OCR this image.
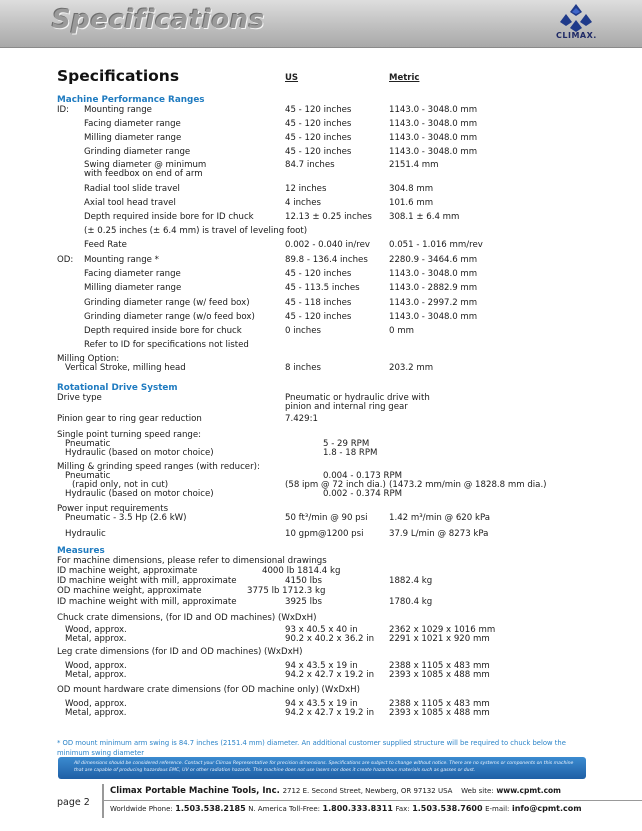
Specifications
CLIMAX.
Specifications	US	Metric
Machine Performance Ranges
ID: Mounting range	45 - 120 inches	1143.0 - 3048.0 mm
Facing diameter range	45 - 120 inches	1143.0 - 3048.0 mm
Milling diameter range	45 - 120 inches	1143.0 - 3048.0 mm
Grinding diameter range	45 - 120 inches	1143.0 - 3048.0 mm
Swing diameter @ minimum	84.7 inches	2151.4 mm
with feedbox on end of arm
Radial tool slide travel	12 inches	304.8 mm
Axial tool head travel	4 inches	101.6 mm
Depth required inside bore for ID chuck	12.13 ± 0.25 inches 308.1 ± 6.4 mm
(± 0.25 inches (± 6.4 mm) is travel of leveling foot)
Feed Rate	0.002 - 0.040 in/rev 0.051 - 1.016 mm/rev
Mounting range *	89.8 - 136.4 inches 2280.9 - 3464.6 mm
Facing diameter range	45 - 120 inches	1143.0 - 3048.0 mm
Milling diameter range	45 - 113.5 inches	1143.0 - 2882.9 mm
Grinding diameter range (w/ feed box)	45 - 118 inches	1143.0 - 2997.2 mm
Grinding diameter range (w/o feed box)	45 - 120 inches	1143.0 - 3048.0 mm
Depth required inside bore for chuck	0 inches	0 mm
Refer to ID for specifications not listed
OD:
Milling Option:
Vertical Stroke, milling head	8 inches	203.2 mm
Rotational Drive System
Drive type	Pneumatic or hydraulic drive with
pinion and internal ring gear
Pinion gear to ring gear reduction	7.429:1
Single point turning speed range:
Pneumatic	5 - 29 RPM
Hydraulic (based on motor choice)	1.8 - 18 RPM
Milling & grinding speed ranges (with reducer):
Pneumatic	0.004 - 0.173 RPM
(rapid only, not in cut)	(58 ipm @ 72 inch dia.) (1473.2 mm/min @ 1828.8 mm dia.)
Hydraulic (based on motor choice)	0.002 - 0.374 RPM
Power input requirements
Pneumatic - 3.5 Hp (2.6 kW)	50 ft³/min @ 90 psi 1.42 m³/min @ 620 kPa
Hydraulic	10 gpm@1200 psi	37.9 L/min @ 8273 kPa
Measures
For machine dimensions, please refer to dimensional drawings
ID machine weight, approximate	4000 lb 1814.4 kg
ID machine weight with mill, approximate	4150 lbs	1882.4 kg
OD machine weight, approximate	3775 lb 1712.3 kg
ID machine weight with mill, approximate	3925 lbs	1780.4 kg
Chuck crate dimensions, (for ID and OD machines) (WxDxH)
Wood, approx.	93 x 40.5 x 40 in	2362 x 1029 x 1016 mm
Metal, approx.	90.2 x 40.2 x 36.2 in 2291 x 1021 x 920 mm
Leg crate dimensions (for ID and OD machines) (WxDxH)
Wood, approx.	94 x 43.5 x 19 in	2388 x 1105 x 483 mm
Metal, approx.	94.2 x 42.7 x 19.2 in 2393 x 1085 x 488 mm
OD mount hardware crate dimensions (for OD machine only) (WxDxH)
Wood, approx.	94 x 43.5 x 19 in	2388 x 1105 x 483 mm
Metal, approx.	94.2 x 42.7 x 19.2 in 2393 x 1085 x 488 mm
* OD mount minimum arm swing is 84.7 inches (2151.4 mm) diameter. An additional customer supplied structure will be required to chuck below the minimum swing diameter
All dimensions should be considered reference. Contact your Climax Representative for precision dimensions. Specifications are subject to change without notice. There are no systems or components on this machine that are capable of producing hazardous EMC, UV or other radiation hazards. This machine does not use lasers nor does it create hazardous materials such as gasses or dust.
page 2
Climax Portable Machine Tools, Inc. 2712 E. Second Street, Newberg, OR 97132 USA Web site: www.cpmt.com
Worldwide Phone: 1.503.538.2185 N. America Toll-Free: 1.800.333.8311 Fax: 1.503.538.7600 E-mail: info@cpmt.com
